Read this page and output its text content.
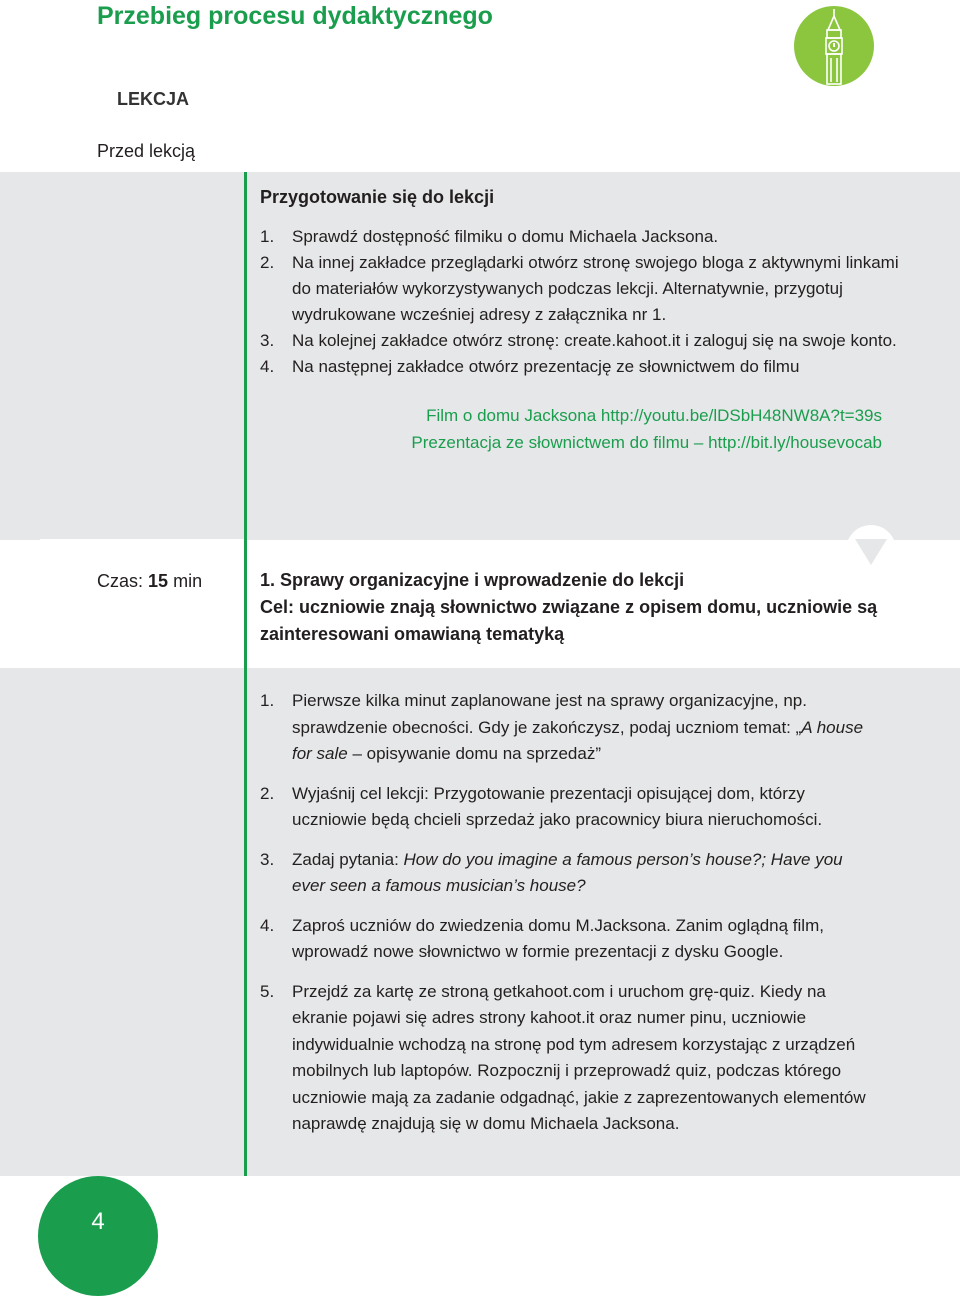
Przebieg procesu dydaktycznego
LEKCJA
Przed lekcją
Przygotowanie się do lekcji
1. Sprawdź dostępność filmiku o domu Michaela Jacksona.
2. Na innej zakładce przeglądarki otwórz stronę swojego bloga z aktywnymi linkami do materiałów wykorzystywanych podczas lekcji. Alternatywnie, przygotuj wydrukowane wcześniej adresy z załącznika nr 1.
3. Na kolejnej zakładce otwórz stronę: create.kahoot.it i zaloguj się na swoje konto.
4. Na następnej zakładce otwórz prezentację ze słownictwem do filmu
Film o domu Jacksona http://youtu.be/lDSbH48NW8A?t=39s
Prezentacja ze słownictwem do filmu – http://bit.ly/housevocab
Czas: 15 min	1. Sprawy organizacyjne i wprowadzenie do lekcji
Cel: uczniowie znają słownictwo związane z opisem domu, uczniowie są zainteresowani omawianą tematyką
1. Pierwsze kilka minut zaplanowane jest na sprawy organizacyjne, np. sprawdzenie obecności. Gdy je zakończysz, podaj uczniom temat: „A house for sale – opisywanie domu na sprzedaż”
2. Wyjaśnij cel lekcji: Przygotowanie prezentacji opisującej dom, którzy uczniowie będą chcieli sprzedaż jako pracownicy biura nieruchomości.
3. Zadaj pytania: How do you imagine a famous person’s house?; Have you ever seen a famous musician’s house?
4. Zaproś uczniów do zwiedzenia domu M.Jacksona. Zanim oglądną film, wprowadź nowe słownictwo w formie prezentacji z dysku Google.
5. Przejdź za kartę ze stroną getkahoot.com i uruchom grę-quiz. Kiedy na ekranie pojawi się adres strony kahoot.it oraz numer pinu, uczniowie indywidualnie wchodzą na stronę pod tym adresem korzystając z urządzeń mobilnych lub laptopów. Rozpocznij i przeprowadź quiz, podczas którego uczniowie mają za zadanie odgadnąć, jakie z zaprezentowanych elementów naprawdę znajdują się w domu Michaela Jacksona.
4
